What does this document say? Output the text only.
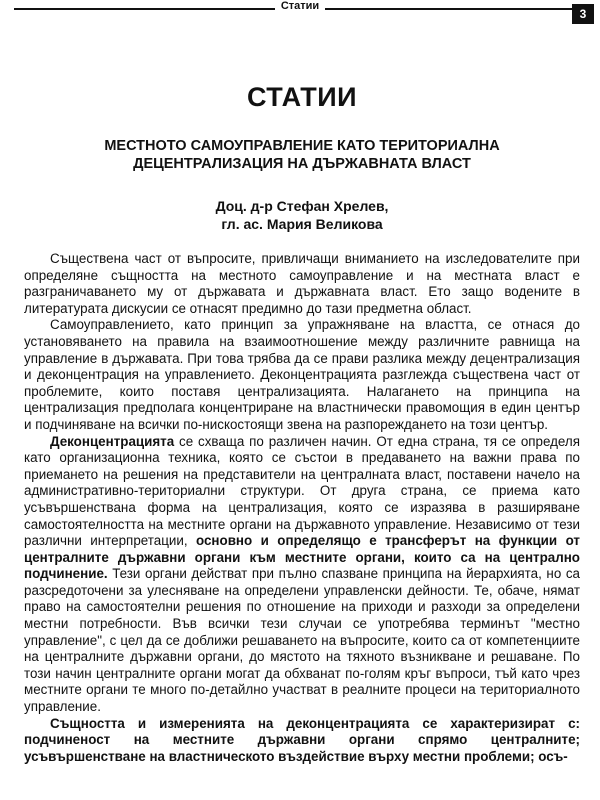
Статии
3
СТАТИИ
МЕСТНОТО САМОУПРАВЛЕНИЕ КАТО ТЕРИТОРИАЛНА
ДЕЦЕНТРАЛИЗАЦИЯ НА ДЪРЖАВНАТА ВЛАСТ
Доц. д-р Стефан Хрелев,
гл. ас. Мария Великова

Съществена част от въпросите, привличащи вниманието на изследователите при определяне същността на местното самоуправление и на местната власт е разграничаването му от държавата и държавната власт. Ето защо водените в литературата дискусии се отнасят предимно до тази предметна област.

Самоуправлението, като принцип за упражняване на властта, се отнася до установяването на правила на взаимоотношение между различните равнища на управление в държавата. При това трябва да се прави разлика между децентрализация и деконцентрация на управлението. Деконцентрацията разглежда съществена част от проблемите, които поставя централизацията. Налагането на принципа на централизация предполага концентриране на властнически правомощия в един център и подчиняване на всички по-нискостоящи звена на разпореждането на този център.

Деконцентрацията се схваща по различен начин. От една страна, тя се определя като организационна техника, която се състои в предаването на важни права по приемането на решения на представители на централната власт, поставени начело на административно-териториални структури. От друга страна, се приема като усъвършенствана форма на централизация, която се изразява в разширяване самостоятелността на местните органи на държавното управление. Независимо от тези различни интерпретации, основно и определящо е трансферът на функции от централните държавни органи към местните органи, които са на централно подчинение. Тези органи действат при пълно спазване принципа на йерархията, но са разсредоточени за улесняване на определени управленски дейности. Те, обаче, нямат право на самостоятелни решения по отношение на приходи и разходи за определени местни потребности. Във всички тези случаи се употребява терминът "местно управление", с цел да се доближи решаването на въпросите, които са от компетенциите на централните държавни органи, до мястото на тяхното възникване и решаване. По този начин централните органи могат да обхванат по-голям кръг въпроси, тъй като чрез местните органи те много по-детайлно участват в реалните процеси на териториалното управление.

Същността и измеренията на деконцентрацията се характеризират с: подчиненост на местните държавни органи спрямо централните; усъвършенстване на властническото въздействие върху местни проблеми; осъ-
